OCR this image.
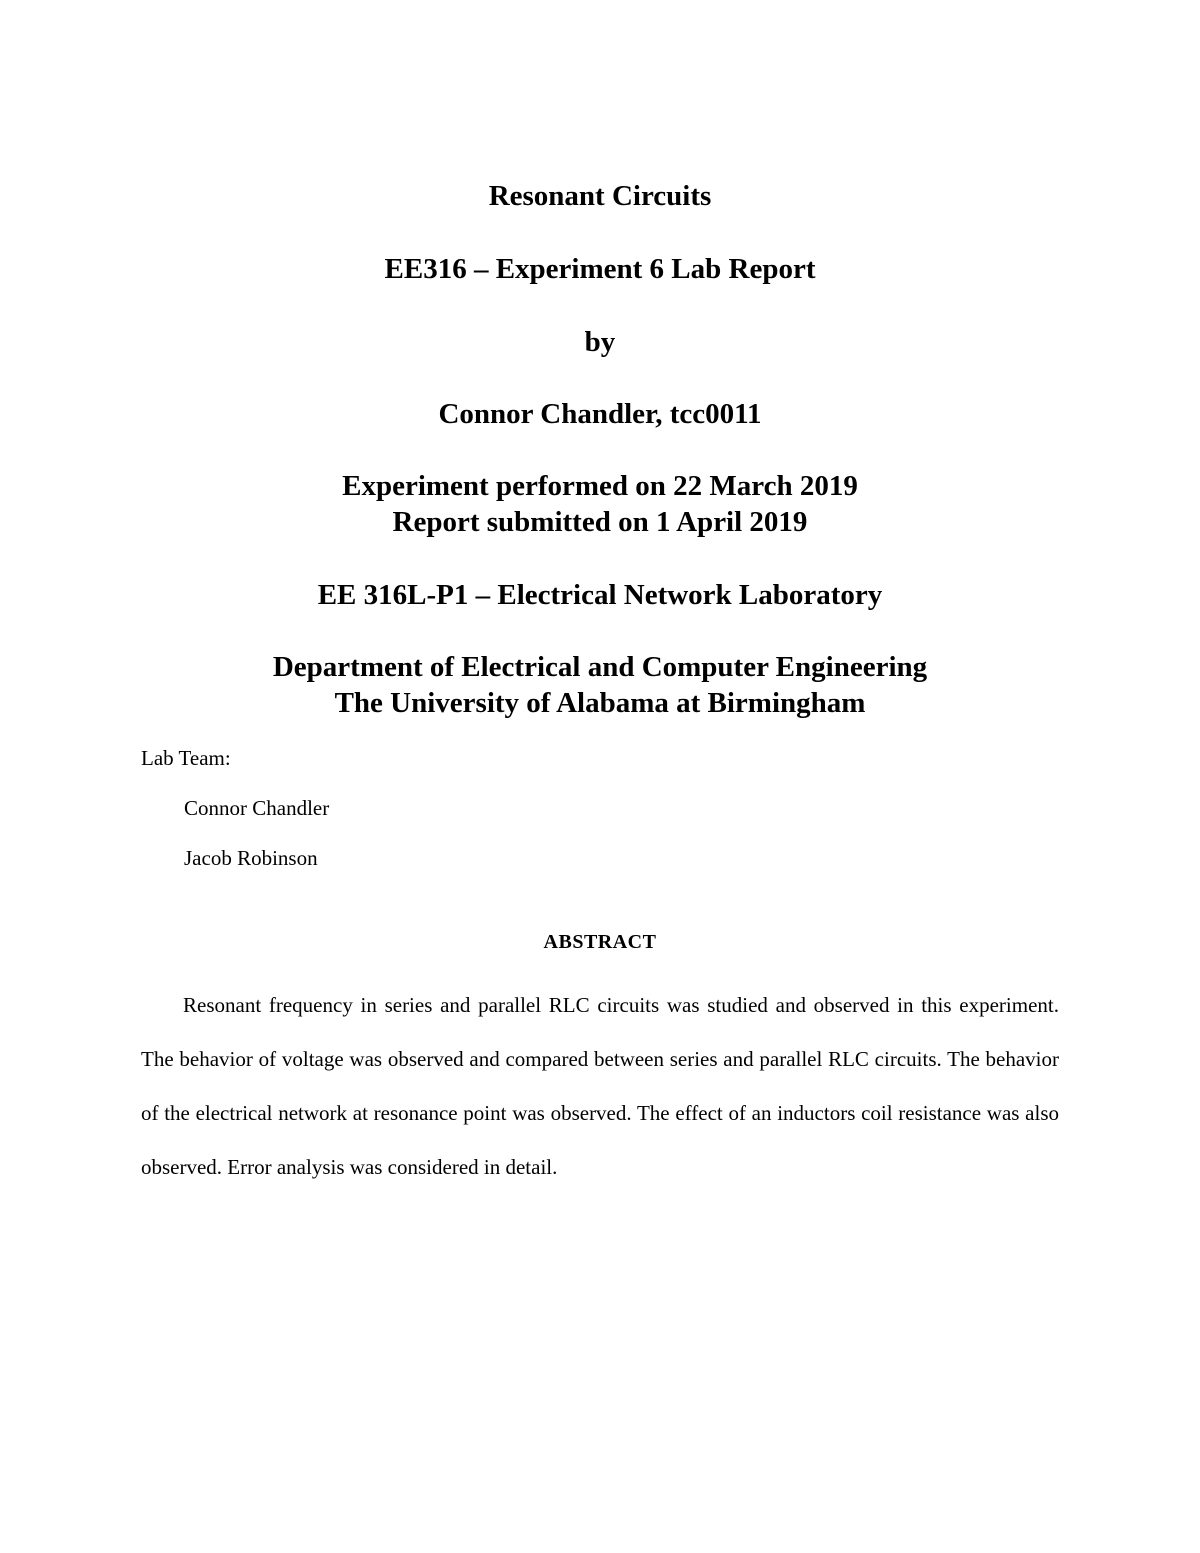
Resonant Circuits
EE316 – Experiment 6 Lab Report
by
Connor Chandler, tcc0011
Experiment performed on 22 March 2019
Report submitted on 1 April 2019
EE 316L-P1 – Electrical Network Laboratory
Department of Electrical and Computer Engineering
The University of Alabama at Birmingham
Lab Team:
Connor Chandler
Jacob Robinson
ABSTRACT
Resonant frequency in series and parallel RLC circuits was studied and observed in this experiment. The behavior of voltage was observed and compared between series and parallel RLC circuits. The behavior of the electrical network at resonance point was observed. The effect of an inductors coil resistance was also observed. Error analysis was considered in detail.
